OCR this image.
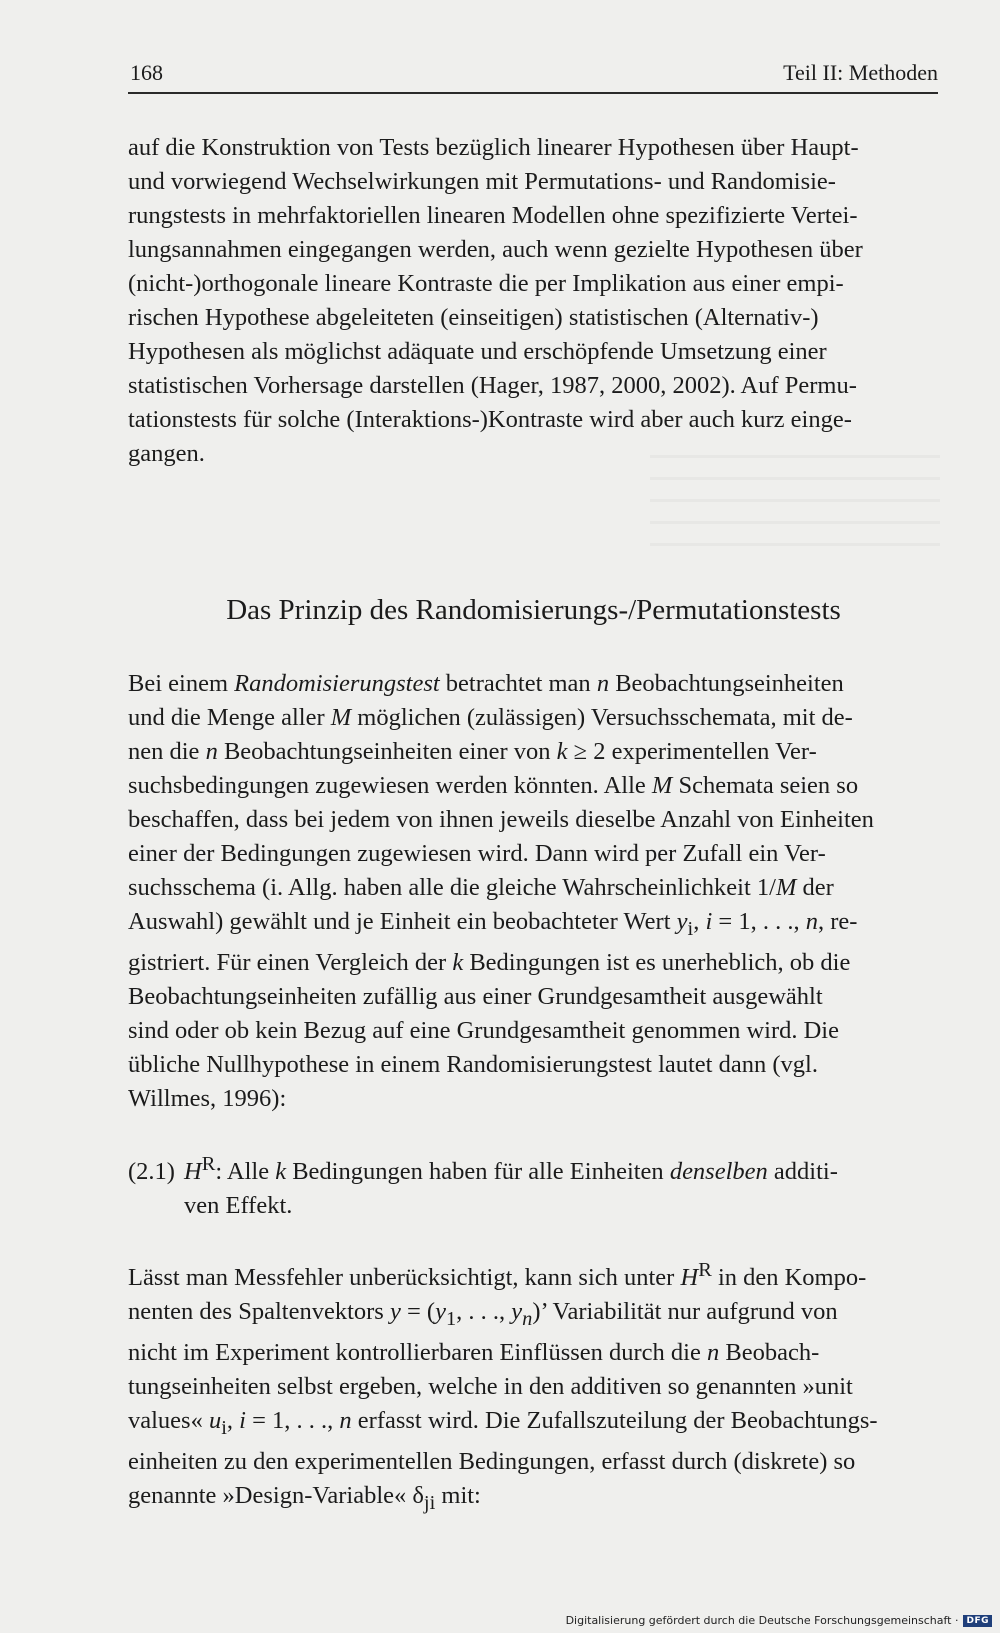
168	Teil II: Methoden
auf die Konstruktion von Tests bezüglich linearer Hypothesen über Haupt-
und vorwiegend Wechselwirkungen mit Permutations- und Randomisie-
rungstests in mehrfaktoriellen linearen Modellen ohne spezifizierte Vertei-
lungsannahmen eingegangen werden, auch wenn gezielte Hypothesen über
(nicht-)orthogonale lineare Kontraste die per Implikation aus einer empi-
rischen Hypothese abgeleiteten (einseitigen) statistischen (Alternativ-)
Hypothesen als möglichst adäquate und erschöpfende Umsetzung einer
statistischen Vorhersage darstellen (Hager, 1987, 2000, 2002). Auf Permu-
tationstests für solche (Interaktions-)Kontraste wird aber auch kurz einge-
gangen.
Das Prinzip des Randomisierungs-/Permutationstests
Bei einem Randomisierungstest betrachtet man n Beobachtungseinheiten
und die Menge aller M möglichen (zulässigen) Versuchsschemata, mit de-
nen die n Beobachtungseinheiten einer von k ≥ 2 experimentellen Ver-
suchsbedingungen zugewiesen werden könnten. Alle M Schemata seien so
beschaffen, dass bei jedem von ihnen jeweils dieselbe Anzahl von Einheiten
einer der Bedingungen zugewiesen wird. Dann wird per Zufall ein Ver-
suchsschema (i. Allg. haben alle die gleiche Wahrscheinlichkeit 1/M der
Auswahl) gewählt und je Einheit ein beobachteter Wert $y_i$, i = 1, . . ., n, re-
gistriert. Für einen Vergleich der k Bedingungen ist es unerheblich, ob die
Beobachtungseinheiten zufällig aus einer Grundgesamtheit ausgewählt
sind oder ob kein Bezug auf eine Grundgesamtheit genommen wird. Die
übliche Nullhypothese in einem Randomisierungstest lautet dann (vgl.
Willmes, 1996):
(2.1) $H^R$: Alle k Bedingungen haben für alle Einheiten denselben additi-
ven Effekt.
Lässt man Messfehler unberücksichtigt, kann sich unter $H^R$ in den Kompo-
nenten des Spaltenvektors $y = (y_1$, . . ., $y_n$)’ Variabilität nur aufgrund von
nicht im Experiment kontrollierbaren Einflüssen durch die n Beobach-
tungseinheiten selbst ergeben, welche in den additiven so genannten »unit
values« $u_i$, i = 1, . . ., n erfasst wird. Die Zufallszuteilung der Beobachtungs-
einheiten zu den experimentellen Bedingungen, erfasst durch (diskrete) so
genannte »Design-Variable« $\delta_{ji}$ mit:
Digitalisierung gefördert durch die Deutsche Forschungsgemeinschaft · DFG
